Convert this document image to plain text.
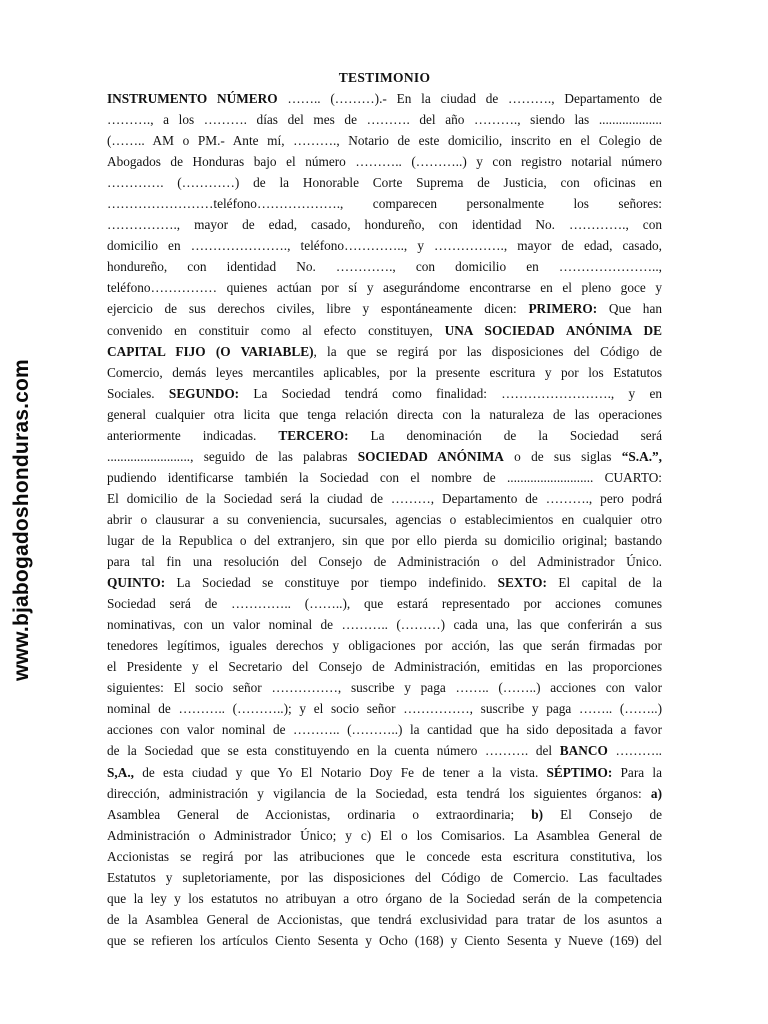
www.bjabogadoshonduras.com
TESTIMONIO
INSTRUMENTO NÚMERO …….. (………).- En la ciudad de ………., Departamento de
………., a los ………. días del mes de ………. del año ………., siendo las ...................
(…….. AM o PM.- Ante mí, ………., Notario de este domicilio, inscrito en el Colegio de
Abogados de Honduras bajo el número ……….. (………..) y con registro notarial número
…………. (…………) de la Honorable Corte Suprema de Justicia, con oficinas en
……………………teléfono………………., comparecen personalmente los señores:
……………., mayor de edad, casado, hondureño, con identidad No. …………., con
domicilio en …………………., teléfono………….., y ……………., mayor de edad, casado,
hondureño, con identidad No. …………., con domicilio en …………………..,
teléfono…………… quienes actúan por sí y asegurándome encontrarse en el pleno goce y
ejercicio de sus derechos civiles, libre y espontáneamente dicen: PRIMERO: Que han
convenido en constituir como al efecto constituyen, UNA SOCIEDAD ANÓNIMA DE
CAPITAL FIJO (O VARIABLE), la que se regirá por las disposiciones del Código de
Comercio, demás leyes mercantiles aplicables, por la presente escritura y por los Estatutos
Sociales. SEGUNDO: La Sociedad tendrá como finalidad: ……………………., y en
general cualquier otra licita que tenga relación directa con la naturaleza de las operaciones
anteriormente indicadas. TERCERO: La denominación de la Sociedad será
........................., seguido de las palabras SOCIEDAD ANÓNIMA o de sus siglas “S.A.”,
pudiendo identificarse también la Sociedad con el nombre de .......................... CUARTO:
El domicilio de la Sociedad será la ciudad de ………, Departamento de ………., pero podrá
abrir o clausurar a su conveniencia, sucursales, agencias o establecimientos en cualquier otro
lugar de la Republica o del extranjero, sin que por ello pierda su domicilio original; bastando
para tal fin una resolución del Consejo de Administración o del Administrador Único.
QUINTO: La Sociedad se constituye por tiempo indefinido. SEXTO: El capital de la
Sociedad será de ………….. (……..), que estará representado por acciones comunes
nominativas, con un valor nominal de ……….. (………) cada una, las que conferirán a sus
tenedores legítimos, iguales derechos y obligaciones por acción, las que serán firmadas por
el Presidente y el Secretario del Consejo de Administración, emitidas en las proporciones
siguientes: El socio señor ……………, suscribe y paga …….. (……..) acciones con valor
nominal de ……….. (………..); y el socio señor ……………, suscribe y paga …….. (……..)
acciones con valor nominal de ……….. (………..) la cantidad que ha sido depositada a favor
de la Sociedad que se esta constituyendo en la cuenta número ………. del BANCO ………..
S,A., de esta ciudad y que Yo El Notario Doy Fe de tener a la vista. SÉPTIMO: Para la
dirección, administración y vigilancia de la Sociedad, esta tendrá los siguientes órganos: a)
Asamblea General de Accionistas, ordinaria o extraordinaria; b) El Consejo de
Administración o Administrador Único; y c) El o los Comisarios. La Asamblea General de
Accionistas se regirá por las atribuciones que le concede esta escritura constitutiva, los
Estatutos y supletoriamente, por las disposiciones del Código de Comercio. Las facultades
que la ley y los estatutos no atribuyan a otro órgano de la Sociedad serán de la competencia
de la Asamblea General de Accionistas, que tendrá exclusividad para tratar de los asuntos a
que se refieren los artículos Ciento Sesenta y Ocho (168) y Ciento Sesenta y Nueve (169) del
